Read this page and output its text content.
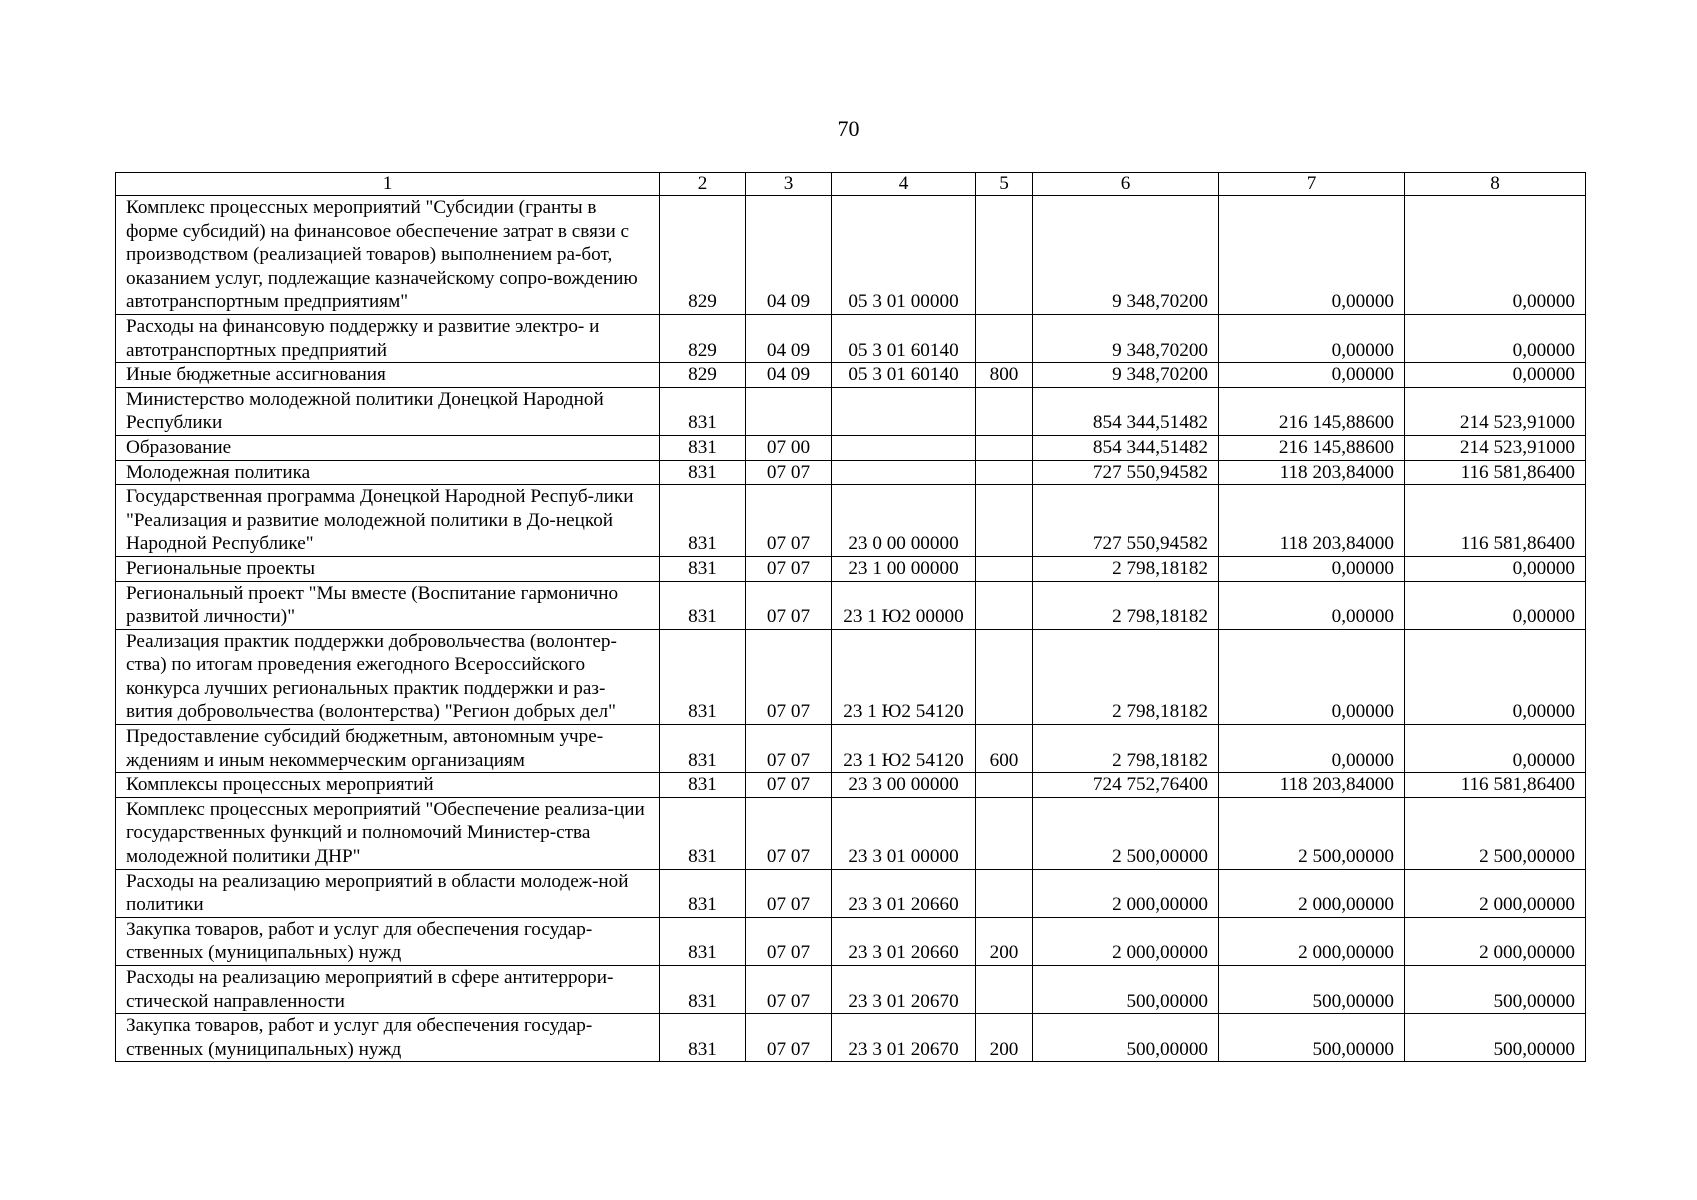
70
1	2	3	4	5	6	7	8
Комплекс процессных мероприятий "Субсидии (гранты в форме субсидий) на финансовое обеспечение затрат в связи с производством (реализацией товаров) выполнением ра-бот, оказанием услуг, подлежащие казначейскому сопро-вождению автотранспортным предприятиям"	829	04 09	05 3 01 00000		9 348,70200	0,00000	0,00000
Расходы на финансовую поддержку и развитие электро- и автотранспортных предприятий	829	04 09	05 3 01 60140		9 348,70200	0,00000	0,00000
Иные бюджетные ассигнования	829	04 09	05 3 01 60140	800	9 348,70200	0,00000	0,00000
Министерство молодежной политики Донецкой Народной Республики	831				854 344,51482	216 145,88600	214 523,91000
Образование	831	07 00			854 344,51482	216 145,88600	214 523,91000
Молодежная политика	831	07 07			727 550,94582	118 203,84000	116 581,86400
Государственная программа Донецкой Народной Респуб-лики "Реализация и развитие молодежной политики в До-нецкой Народной Республике"	831	07 07	23 0 00 00000		727 550,94582	118 203,84000	116 581,86400
Региональные проекты	831	07 07	23 1 00 00000		2 798,18182	0,00000	0,00000
Региональный проект "Мы вместе (Воспитание гармонично развитой личности)"	831	07 07	23 1 Ю2 00000		2 798,18182	0,00000	0,00000
Реализация практик поддержки добровольчества (волонтер-ства) по итогам проведения ежегодного Всероссийского конкурса лучших региональных практик поддержки и раз-вития добровольчества (волонтерства) "Регион добрых дел"	831	07 07	23 1 Ю2 54120		2 798,18182	0,00000	0,00000
Предоставление субсидий бюджетным, автономным учре-ждениям и иным некоммерческим организациям	831	07 07	23 1 Ю2 54120	600	2 798,18182	0,00000	0,00000
Комплексы процессных мероприятий	831	07 07	23 3 00 00000		724 752,76400	118 203,84000	116 581,86400
Комплекс процессных мероприятий "Обеспечение реализа-ции государственных функций и полномочий Министер-ства молодежной политики ДНР"	831	07 07	23 3 01 00000		2 500,00000	2 500,00000	2 500,00000
Расходы на реализацию мероприятий в области молодеж-ной политики	831	07 07	23 3 01 20660		2 000,00000	2 000,00000	2 000,00000
Закупка товаров, работ и услуг для обеспечения государ-ственных (муниципальных) нужд	831	07 07	23 3 01 20660	200	2 000,00000	2 000,00000	2 000,00000
Расходы на реализацию мероприятий в сфере антитеррори-стической направленности	831	07 07	23 3 01 20670		500,00000	500,00000	500,00000
Закупка товаров, работ и услуг для обеспечения государ-ственных (муниципальных) нужд	831	07 07	23 3 01 20670	200	500,00000	500,00000	500,00000
